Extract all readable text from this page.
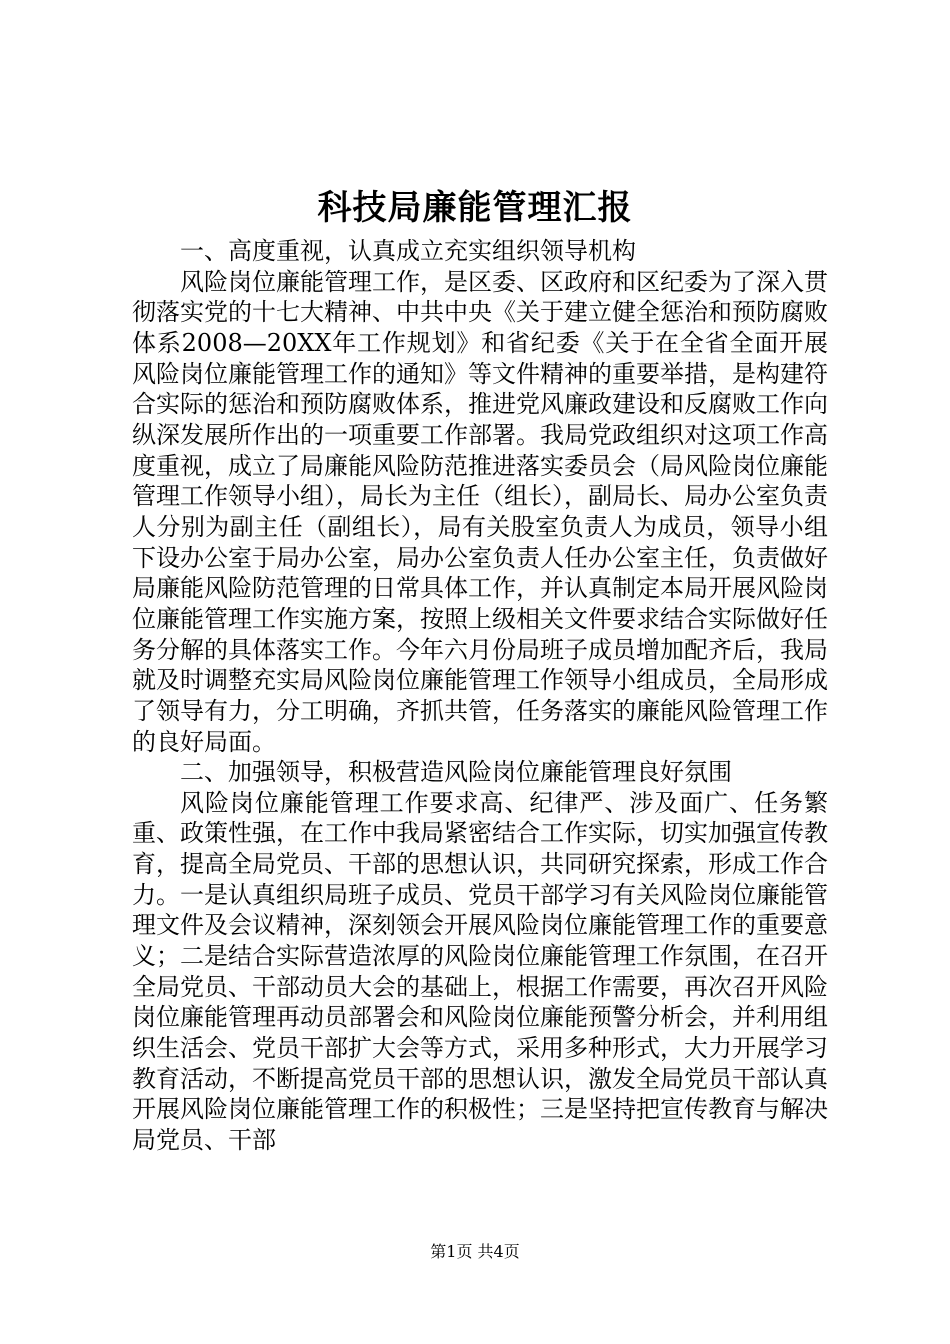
科技局廉能管理汇报

一、高度重视，认真成立充实组织领导机构

风险岗位廉能管理工作，是区委、区政府和区纪委为了深入贯彻落实党的十七大精神、中共中央《关于建立健全惩治和预防腐败体系2008—20XX年工作规划》和省纪委《关于在全省全面开展风险岗位廉能管理工作的通知》等文件精神的重要举措，是构建符合实际的惩治和预防腐败体系，推进党风廉政建设和反腐败工作向纵深发展所作出的一项重要工作部署。我局党政组织对这项工作高度重视，成立了局廉能风险防范推进落实委员会（局风险岗位廉能管理工作领导小组），局长为主任（组长），副局长、局办公室负责人分别为副主任（副组长），局有关股室负责人为成员，领导小组下设办公室于局办公室，局办公室负责人任办公室主任，负责做好局廉能风险防范管理的日常具体工作，并认真制定本局开展风险岗位廉能管理工作实施方案，按照上级相关文件要求结合实际做好任务分解的具体落实工作。今年六月份局班子成员增加配齐后，我局就及时调整充实局风险岗位廉能管理工作领导小组成员，全局形成了领导有力，分工明确，齐抓共管，任务落实的廉能风险管理工作的良好局面。

二、加强领导，积极营造风险岗位廉能管理良好氛围

风险岗位廉能管理工作要求高、纪律严、涉及面广、任务繁重、政策性强，在工作中我局紧密结合工作实际，切实加强宣传教育，提高全局党员、干部的思想认识，共同研究探索，形成工作合力。一是认真组织局班子成员、党员干部学习有关风险岗位廉能管理文件及会议精神，深刻领会开展风险岗位廉能管理工作的重要意义；二是结合实际营造浓厚的风险岗位廉能管理工作氛围，在召开全局党员、干部动员大会的基础上，根据工作需要，再次召开风险岗位廉能管理再动员部署会和风险岗位廉能预警分析会，并利用组织生活会、党员干部扩大会等方式，采用多种形式，大力开展学习教育活动，不断提高党员干部的思想认识，激发全局党员干部认真开展风险岗位廉能管理工作的积极性；三是坚持把宣传教育与解决局党员、干部

第1页 共4页
